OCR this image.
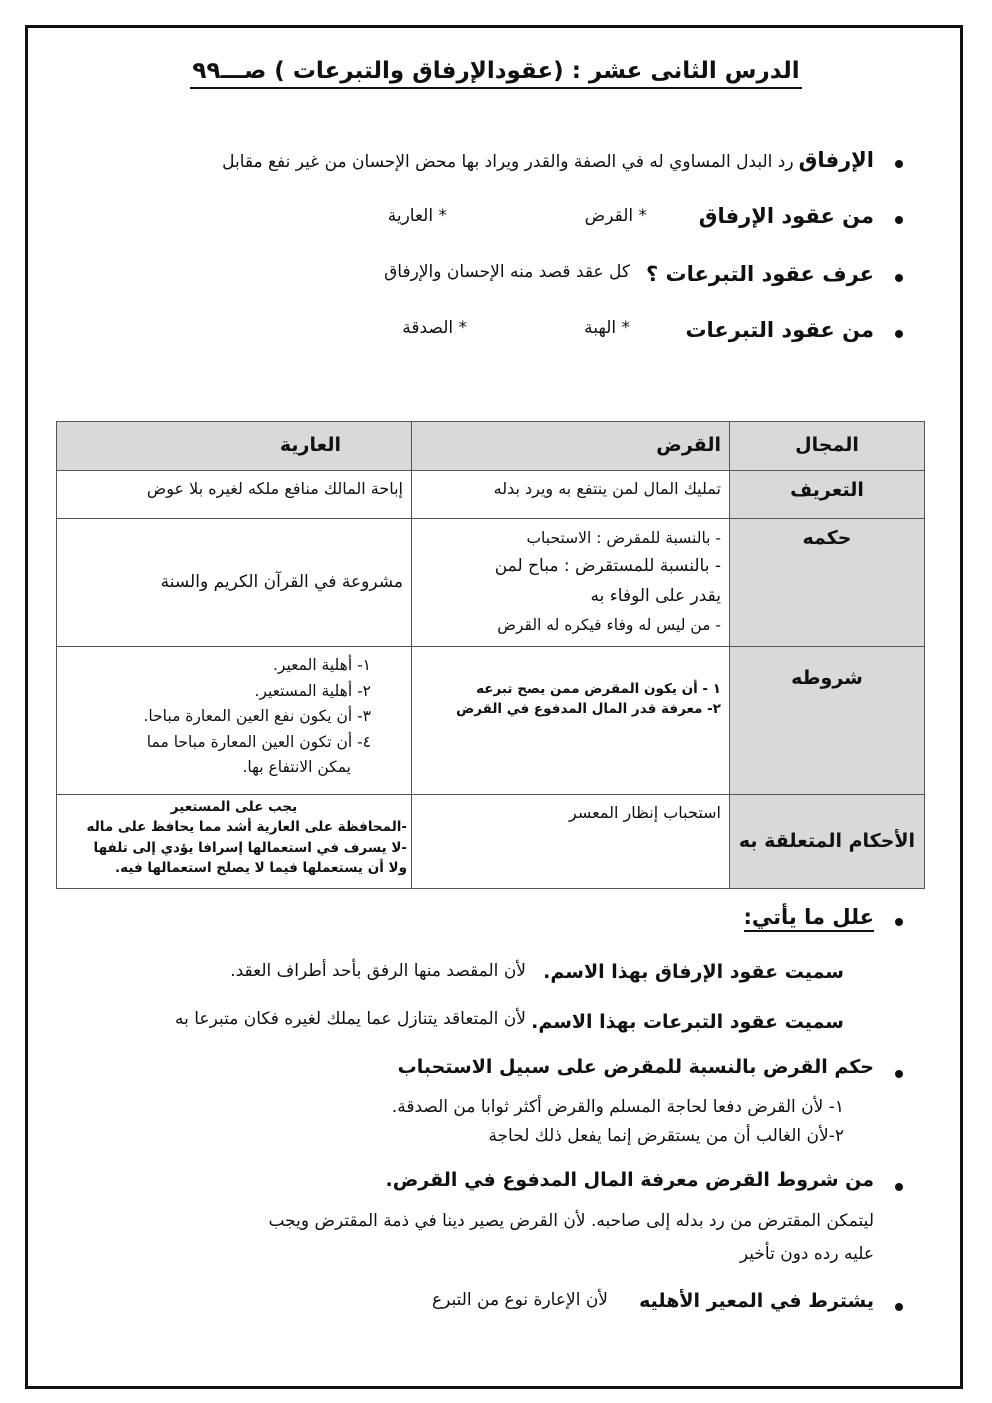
الدرس الثانى عشر : (عقودالإرفاق والتبرعات ) صـــ٩٩
الإرفاق رد البدل المساوي له في الصفة والقدر ويراد بها محض الإحسان من غير نفع مقابل
من عقود الإرفاق
* القرض
* العارية
عرف عقود التبرعات ؟
كل عقد قصد منه الإحسان والإرفاق
من عقود التبرعات
* الهبة
* الصدقة
المجال	القرض	العارية
التعريف	تمليك المال لمن ينتفع به ويرد بدله	إباحة المالك منافع ملكه لغيره بلا عوض

حكمه	- بالنسبة للمقرض : الاستحباب
- بالنسبة للمستقرض : مباح لمن
يقدر على الوفاء به
- من ليس له وفاء فيكره له القرض	مشروعة في القرآن الكريم والسنة

شروطه	١ - أن يكون المقرض ممن يصح تبرعه
٢- معرفة قدر المال المدفوع في القرض	١- أهلية المعير.
٢- أهلية المستعير.
٣- أن يكون نفع العين المعارة مباحا.
٤- أن تكون العين المعارة مباحا مما
يمكن الانتفاع بها.

الأحكام المتعلقة به	استحباب إنظار المعسر	يجب على المستعير
-المحافظة على العارية أشد مما يحافظ على ماله
-لا يسرف في استعمالها إسرافا يؤدي إلى تلفها
ولا أن يستعملها فيما لا يصلح استعمالها فيه.
علل ما يأتي:
سميت عقود الإرفاق بهذا الاسم.
لأن المقصد منها الرفق بأحد أطراف العقد.
سميت عقود التبرعات بهذا الاسم.
لأن المتعاقد يتنازل عما يملك لغيره فكان متبرعا به
حكم القرض بالنسبة للمقرض على سبيل الاستحباب
١- لأن القرض دفعا لحاجة المسلم والقرض أكثر ثوابا من الصدقة.
٢-لأن الغالب أن من يستقرض إنما يفعل ذلك لحاجة
من شروط القرض معرفة المال المدفوع في القرض.
ليتمكن المقترض من رد بدله إلى صاحبه. لأن القرض يصير دينا في ذمة المقترض ويجب
عليه رده دون تأخير
يشترط في المعير الأهليه
لأن الإعارة نوع من التبرع
